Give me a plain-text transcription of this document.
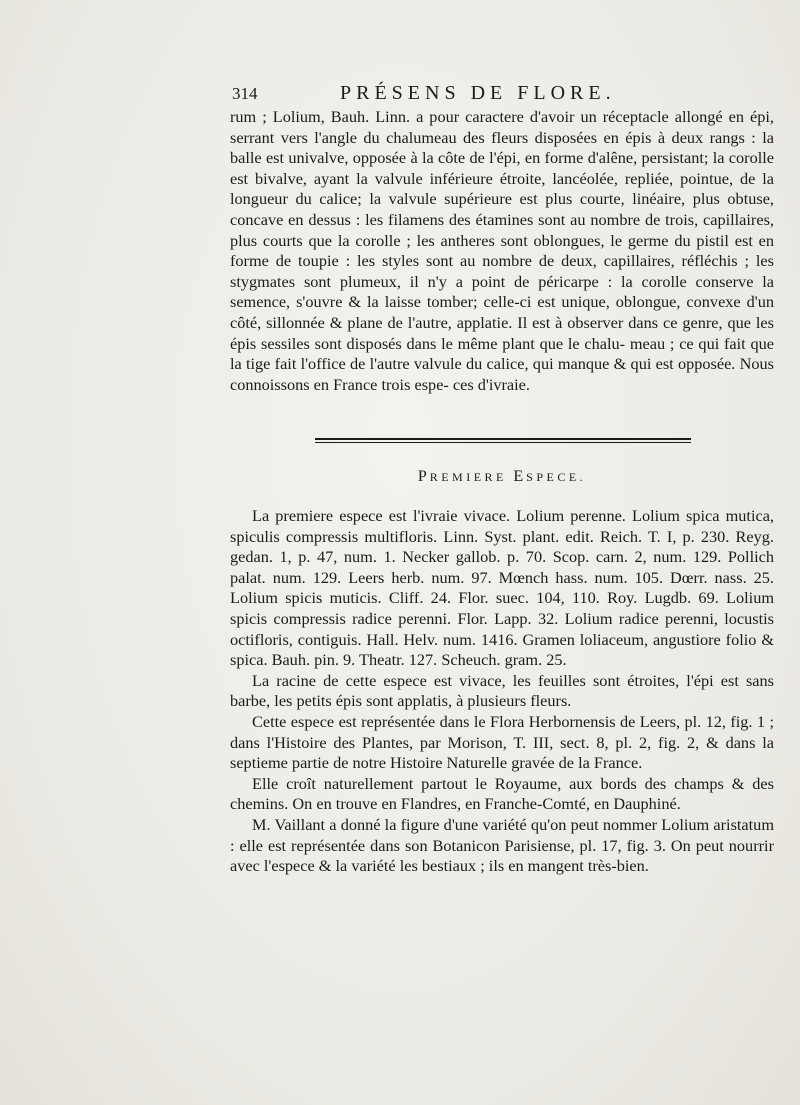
314	PRÉSENS DE FLORE.

rum ; Lolium, Bauh. Linn. a pour caractere d'avoir un réceptacle allongé en épi, serrant vers l'angle du chalumeau des fleurs disposées en épis à deux rangs : la balle est univalve, opposée à la côte de l'épi, en forme d'alêne, persistant; la corolle est bivalve, ayant la valvule inférieure étroite, lancéolée, repliée, pointue, de la longueur du calice; la valvule supérieure est plus courte, linéaire, plus obtuse, concave en dessus : les filamens des étamines sont au nombre de trois, capillaires, plus courts que la corolle ; les antheres sont oblongues, le germe du pistil est en forme de toupie : les styles sont au nombre de deux, capillaires, réfléchis ; les stygmates sont plumeux, il n'y a point de péricarpe : la corolle conserve la semence, s'ouvre & la laisse tomber; celle-ci est unique, oblongue, convexe d'un côté, sillonnée & plane de l'autre, applatie. Il est à observer dans ce genre, que les épis sessiles sont disposés dans le même plant que le chalu- meau ; ce qui fait que la tige fait l'office de l'autre valvule du calice, qui manque & qui est opposée. Nous connoissons en France trois espe- ces d'ivraie.

PREMIERE ESPECE.

La premiere espece est l'ivraie vivace. Lolium perenne. Lolium spica mutica, spiculis compressis multifloris. Linn. Syst. plant. edit. Reich. T. I, p. 230. Reyg. gedan. 1, p. 47, num. 1. Necker gallob. p. 70. Scop. carn. 2, num. 129. Pollich palat. num. 129. Leers herb. num. 97. Mœnch hass. num. 105. Dœrr. nass. 25. Lolium spicis muticis. Cliff. 24. Flor. suec. 104, 110. Roy. Lugdb. 69. Lolium spicis compressis radice perenni. Flor. Lapp. 32. Lolium radice perenni, locustis octifloris, contiguis. Hall. Helv. num. 1416. Gramen loliaceum, angustiore folio & spica. Bauh. pin. 9. Theatr. 127. Scheuch. gram. 25.

La racine de cette espece est vivace, les feuilles sont étroites, l'épi est sans barbe, les petits épis sont applatis, à plusieurs fleurs.

Cette espece est représentée dans le Flora Herbornensis de Leers, pl. 12, fig. 1 ; dans l'Histoire des Plantes, par Morison, T. III, sect. 8, pl. 2, fig. 2, & dans la septieme partie de notre Histoire Naturelle gravée de la France.

Elle croît naturellement partout le Royaume, aux bords des champs & des chemins. On en trouve en Flandres, en Franche-Comté, en Dauphiné.

M. Vaillant a donné la figure d'une variété qu'on peut nommer Lolium aristatum : elle est représentée dans son Botanicon Parisiense, pl. 17, fig. 3. On peut nourrir avec l'espece & la variété les bestiaux ; ils en mangent très-bien.
